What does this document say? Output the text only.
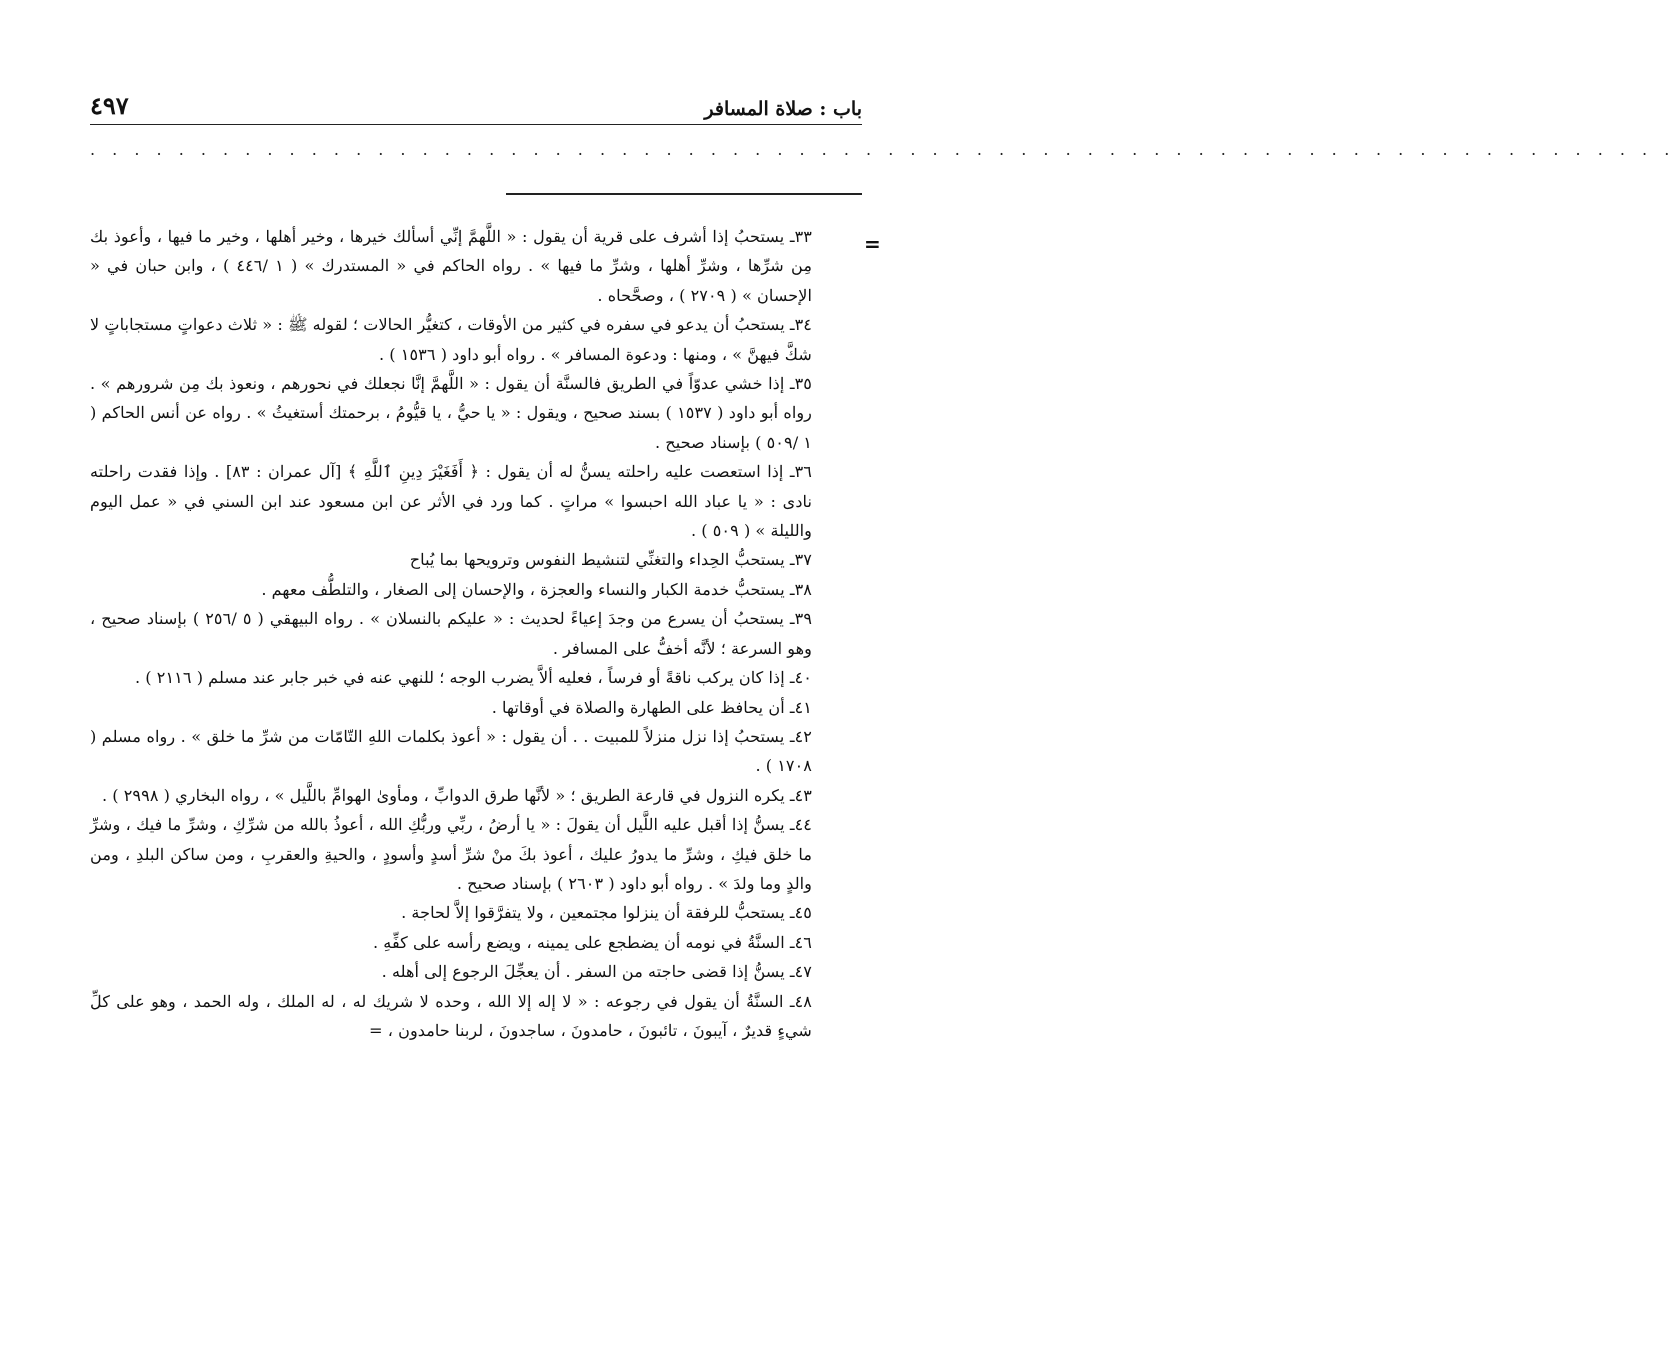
باب : صلاة المسافر
٤٩٧
. . . . . . . . . . . . . . . . . . . . . . . . . . . . . . . . . . . . . . . . . . . . . . . . . . . . . . . . . . . . . . . . . . . . . . . .
=

٣٣ـ يستحبُ إذا أشرف على قرية أن يقول : « اللَّهمَّ إنِّي أسألك خيرها ، وخير أهلها ، وخير ما فيها ، وأعوذ بك مِن شرِّها ، وشرِّ أهلها ، وشرِّ ما فيها » . رواه الحاكم في « المستدرك » ( ١ /٤٤٦ ) ، وابن حبان في « الإحسان » ( ٢٧٠٩ ) ، وصحَّحاه .

٣٤ـ يستحبُ أن يدعو في سفره في كثير من الأوقات ، كتغيُّر الحالات ؛ لقوله ﷺ : « ثلاث دعواتٍ مستجاباتٍ لا شكَّ فيهنَّ » ، ومنها : ودعوة المسافر » . رواه أبو داود ( ١٥٣٦ ) .

٣٥ـ إذا خشي عدوّاً في الطريق فالسنَّة أن يقول : « اللَّهمَّ إنَّا نجعلك في نحورهم ، ونعوذ بك مِن شرورهم » . رواه أبو داود ( ١٥٣٧ ) بسند صحيح ، ويقول : « يا حيُّ ، يا قيُّومُ ، برحمتك أستغيثُ » . رواه عن أنس الحاكم ( ١ /٥٠٩ ) بإسناد صحيح .

٣٦ـ إذا استعصت عليه راحلته يسنُّ له أن يقول : ﴿ أَفَغَيْرَ دِينِ ٱللَّهِ ﴾ [آل عمران : ٨٣] . وإذا فقدت راحلته نادى : « يا عباد الله احبسوا » مراتٍ . كما ورد في الأثر عن ابن مسعود عند ابن السني في « عمل اليوم والليلة » ( ٥٠٩ ) .

٣٧ـ يستحبُّ الحِداء والتغنِّي لتنشيط النفوس وترويحها بما يُباح

٣٨ـ يستحبُّ خدمة الكبار والنساء والعجزة ، والإحسان إلى الصغار ، والتلطُّف معهم .

٣٩ـ يستحبُ أن يسرع من وجدَ إعياءً لحديث : « عليكم بالنسلان » . رواه البيهقي ( ٥ /٢٥٦ ) بإسناد صحيح ، وهو السرعة ؛ لأنَّه أخفُّ على المسافر .

٤٠ـ إذا كان يركب ناقةً أو فرساً ، فعليه ألاَّ يضرب الوجه ؛ للنهي عنه في خبر جابر عند مسلم ( ٢١١٦ ) .

٤١ـ أن يحافظ على الطهارة والصلاة في أوقاتها .

٤٢ـ يستحبُ إذا نزل منزلاً للمبيت . . أن يقول : « أعوذ بكلمات اللهِ التّامّات من شرِّ ما خلق » . رواه مسلم ( ١٧٠٨ ) .

٤٣ـ يكره النزول في قارعة الطريق ؛ « لأنَّها طرق الدوابِّ ، ومأوىٰ الهوامِّ باللَّيل » ، رواه البخاري ( ٢٩٩٨ ) .

٤٤ـ يسنُّ إذا أقبل عليه اللَّيل أن يقولَ : « يا أرضُ ، ربِّي وربُّكِ الله ، أعوذُ بالله من شرِّكِ ، وشرِّ ما فيك ، وشرِّ ما خلق فيكِ ، وشرِّ ما يدورُ عليك ، أعوذ بكَ منْ شرِّ أسدٍ وأسودٍ ، والحيةِ والعقربِ ، ومن ساكن البلدِ ، ومن والدٍ وما ولدَ » . رواه أبو داود ( ٢٦٠٣ ) بإسناد صحيح .

٤٥ـ يستحبُّ للرفقة أن ينزلوا مجتمعين ، ولا يتفرَّقوا إلاَّ لحاجة .

٤٦ـ السنَّةُ في نومه أن يضطجع على يمينه ، ويضع رأسه على كفِّهِ .

٤٧ـ يسنُّ إذا قضى حاجته من السفر . أن يعجِّلَ الرجوع إلى أهله .

٤٨ـ السنَّةُ أن يقول في رجوعه : « لا إله إلا الله ، وحده لا شريك له ، له الملك ، وله الحمد ، وهو على كلِّ شيءٍ قديرٌ ، آيبونَ ، تائبونَ ، حامدونَ ، ساجدونَ ، لربنا حامدون ، =
